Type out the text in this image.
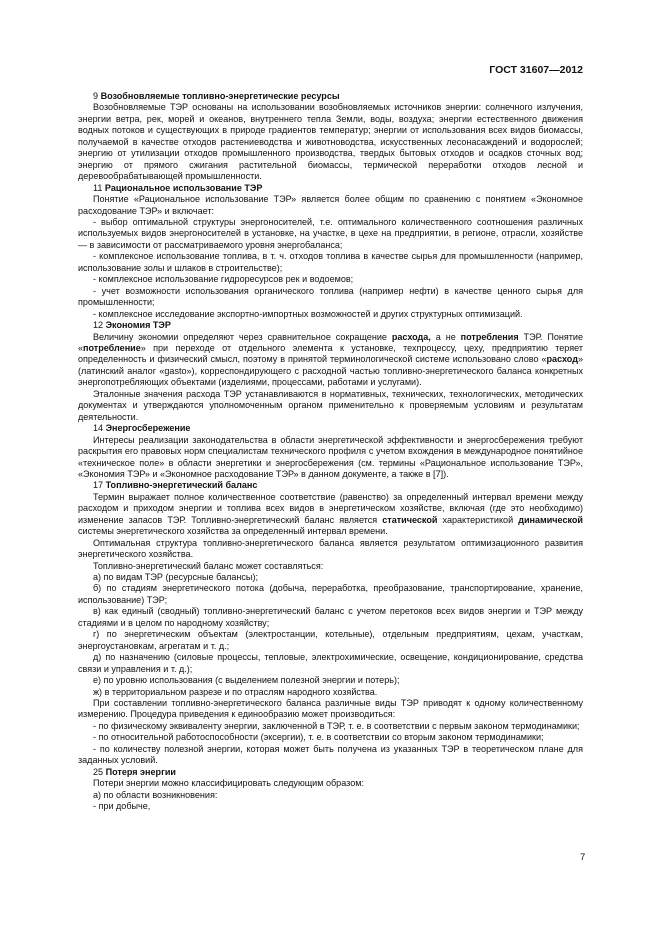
ГОСТ 31607—2012

9 Возобновляемые топливно-энергетические ресурсы

Возобновляемые ТЭР основаны на использовании возобновляемых источников энергии: солнечного излучения, энергии ветра, рек, морей и океанов, внутреннего тепла Земли, воды, воздуха; энергии естественного движения водных потоков и существующих в природе градиентов температур; энергии от использования всех видов биомассы, получаемой в качестве отходов растениеводства и животноводства, искусственных лесонасаждений и водорослей; энергию от утилизации отходов промышленного производства, твердых бытовых отходов и осадков сточных вод; энергию от прямого сжигания растительной биомассы, термической переработки отходов лесной и деревообрабатывающей промышленности.

11 Рациональное использование ТЭР

Понятие «Рациональное использование ТЭР» является более общим по сравнению с понятием «Экономное расходование ТЭР» и включает:

- выбор оптимальной структуры энергоносителей, т.е. оптимального количественного соотношения различных используемых видов энергоносителей в установке, на участке, в цехе на предприятии, в регионе, отрасли, хозяйстве — в зависимости от рассматриваемого уровня энергобаланса;

- комплексное использование топлива, в т. ч. отходов топлива в качестве сырья для промышленности (например, использование золы и шлаков в строительстве);

- комплексное использование гидроресурсов рек и водоемов;

- учет возможности использования органического топлива (например нефти) в качестве ценного сырья для промышленности;

- комплексное исследование экспортно-импортных возможностей и других структурных оптимизаций.

12 Экономия ТЭР

Величину экономии определяют через сравнительное сокращение расхода, а не потребления ТЭР. Понятие «потребление» при переходе от отдельного элемента к установке, техпроцессу, цеху, предприятию теряет определенность и физический смысл, поэтому в принятой терминологической системе использовано слово «расход» (латинский аналог «gasto»), корреспондирующего с расходной частью топливно-энергетического баланса конкретных энергопотребляющих объектами (изделиями, процессами, работами и услугами).

Эталонные значения расхода ТЭР устанавливаются в нормативных, технических, технологических, методических документах и утверждаются уполномоченным органом применительно к проверяемым условиям и результатам деятельности.

14 Энергосбережение

Интересы реализации законодательства в области энергетической эффективности и энергосбережения требуют раскрытия его правовых норм специалистам технического профиля с учетом вхождения в международное понятийное «техническое поле» в области энергетики и энергосбережения (см. термины «Рациональное использование ТЭР», «Экономия ТЭР» и «Экономное расходование ТЭР» в данном документе, а также в [7]).

17 Топливно-энергетический баланс

Термин выражает полное количественное соответствие (равенство) за определенный интервал времени между расходом и приходом энергии и топлива всех видов в энергетическом хозяйстве, включая (где это необходимо) изменение запасов ТЭР. Топливно-энергетический баланс является статической характеристикой динамической системы энергетического хозяйства за определенный интервал времени.

Оптимальная структура топливно-энергетического баланса является результатом оптимизационного развития энергетического хозяйства.

Топливно-энергетический баланс может составляться:

а) по видам ТЭР (ресурсные балансы);

б) по стадиям энергетического потока (добыча, переработка, преобразование, транспортирование, хранение, использование) ТЭР;

в) как единый (сводный) топливно-энергетический баланс с учетом перетоков всех видов энергии и ТЭР между стадиями и в целом по народному хозяйству;

г) по энергетическим объектам (электростанции, котельные), отдельным предприятиям, цехам, участкам, энергоустановкам, агрегатам и т. д.;

д) по назначению (силовые процессы, тепловые, электрохимические, освещение, кондиционирование, средства связи и управления и т. д.);

е) по уровню использования (с выделением полезной энергии и потерь);

ж) в территориальном разрезе и по отраслям народного хозяйства.

При составлении топливно-энергетического баланса различные виды ТЭР приводят к одному количественному измерению. Процедура приведения к единообразию может производиться:

- по физическому эквиваленту энергии, заключенной в ТЭР, т. е. в соответствии с первым законом термодинамики;

- по относительной работоспособности (эксергии), т. е. в соответствии со вторым законом термодинамики;

- по количеству полезной энергии, которая может быть получена из указанных ТЭР в теоретическом плане для заданных условий.

25 Потеря энергии

Потери энергии можно классифицировать следующим образом:

а) по области возникновения:

- при добыче,

7
